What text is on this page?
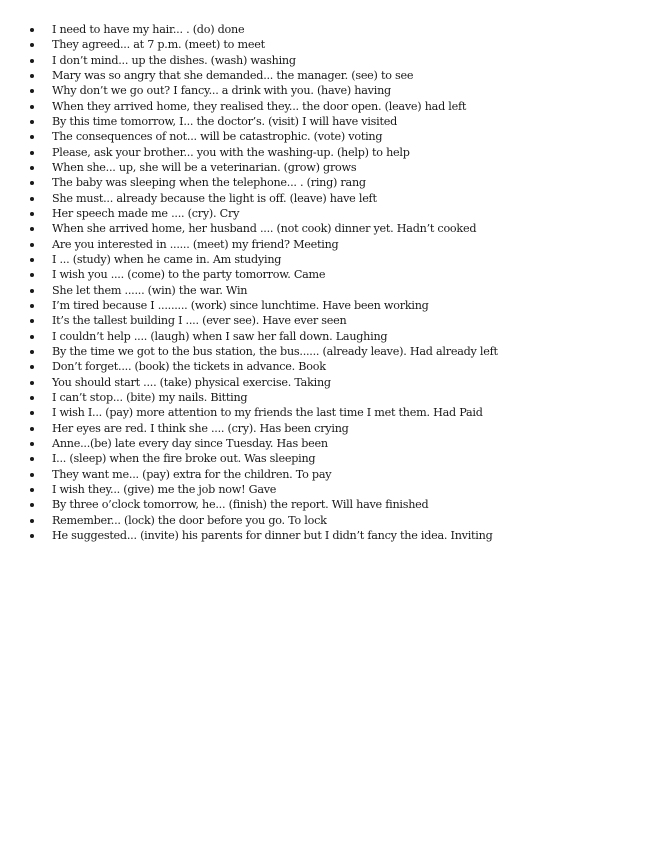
I need to have my hair... . (do) done
They agreed... at 7 p.m. (meet) to meet
I don’t mind... up the dishes. (wash) washing
Mary was so angry that she demanded... the manager. (see) to see
Why don’t we go out? I fancy... a drink with you. (have) having
When they arrived home, they realised they... the door open. (leave) had left
By this time tomorrow, I... the doctor’s. (visit) I will have visited
The consequences of not... will be catastrophic. (vote) voting
Please, ask your brother... you with the washing-up. (help) to help
When she... up, she will be a veterinarian. (grow) grows
The baby was sleeping when the telephone... . (ring) rang
She must... already because the light is off. (leave) have left
Her speech made me .... (cry). Cry
When she arrived home, her husband .... (not cook) dinner yet. Hadn’t cooked
Are you interested in ...... (meet) my friend? Meeting
I ... (study) when he came in. Am studying
I wish you .... (come) to the party tomorrow. Came
She let them ...... (win) the war. Win
I’m tired because I ......... (work) since lunchtime. Have been working
It’s the tallest building I .... (ever see). Have ever seen
I couldn’t help .... (laugh) when I saw her fall down. Laughing
By the time we got to the bus station, the bus...... (already leave). Had already left
Don’t forget.... (book) the tickets in advance. Book
You should start .... (take) physical exercise. Taking
I can’t stop... (bite) my nails. Bitting
I wish I... (pay) more attention to my friends the last time I met them. Had Paid
Her eyes are red. I think she .... (cry). Has been crying
Anne...(be) late every day since Tuesday. Has been
I... (sleep) when the fire broke out. Was sleeping
They want me... (pay) extra for the children. To pay
I wish they... (give) me the job now! Gave
By three o’clock tomorrow, he... (finish) the report. Will have finished
Remember... (lock) the door before you go. To lock
He suggested... (invite) his parents for dinner but I didn’t fancy the idea. Inviting
